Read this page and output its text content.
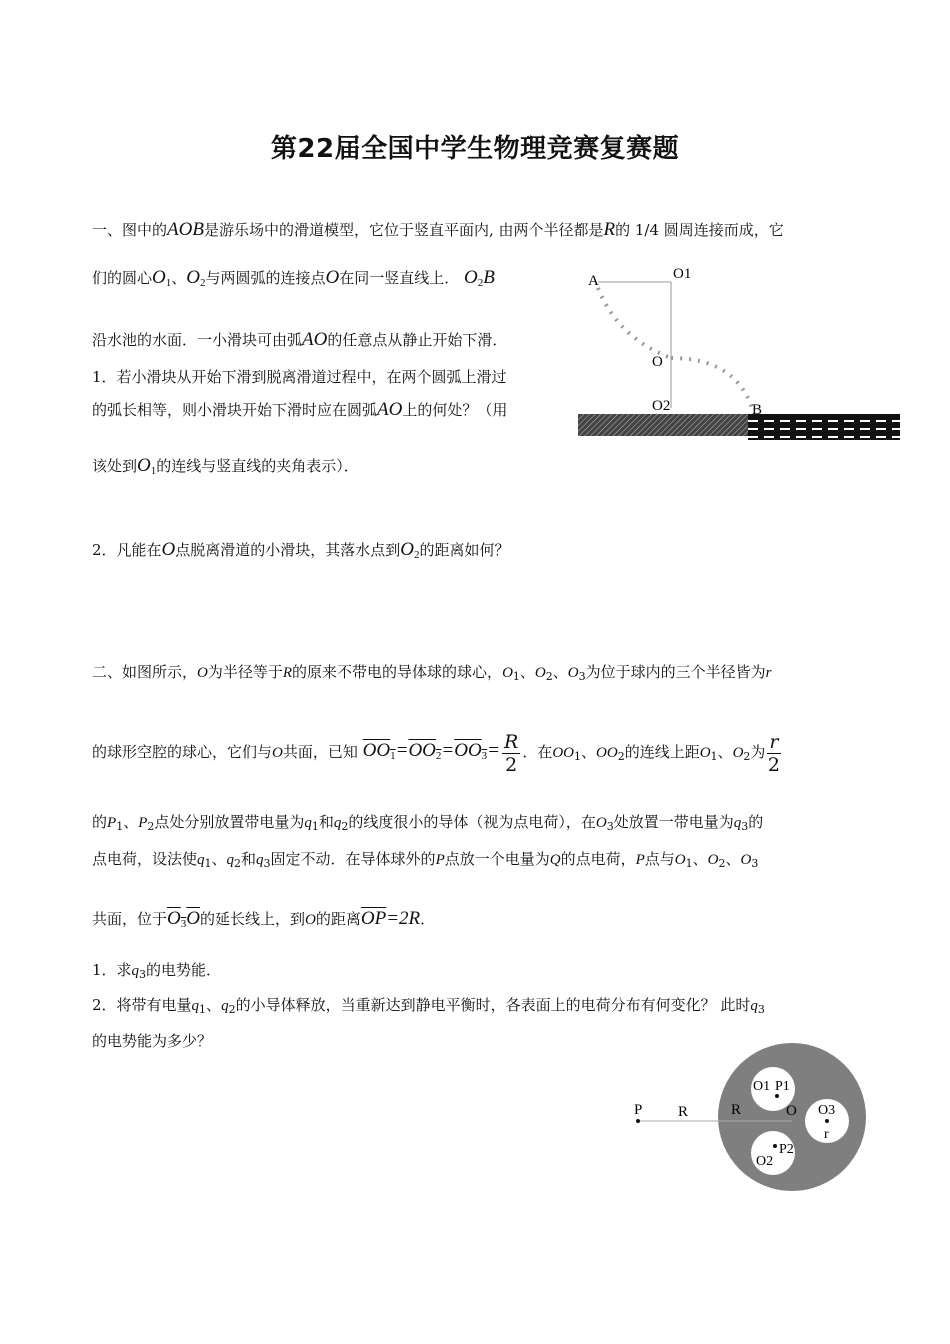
第22届全国中学生物理竞赛复赛题
一、图中的AOB是游乐场中的滑道模型，它位于竖直平面内, 由两个半径都是R的 1/4 圆周连接而成，它
们的圆心$O_1$、$O_2$与两圆弧的连接点O在同一竖直线上． $O_2B$
沿水池的水面．一小滑块可由弧AO的任意点从静止开始下滑．
1．若小滑块从开始下滑到脱离滑道过程中，在两个圆弧上滑过
的弧长相等，则小滑块开始下滑时应在圆弧AO上的何处？（用
该处到$O_1$的连线与竖直线的夹角表示）．
2．凡能在O点脱离滑道的小滑块，其落水点到$O_2$的距离如何？
A	O1
O
O2	B
二、如图所示，O为半径等于R的原来不带电的导体球的球心，$O_1$、$O_2$、$O_3$为位于球内的三个半径皆为r
的球形空腔的球心，它们与O共面，已知 $OO_1=OO_2=OO_3= \frac{R}{2}$ ．在$OO_1$、$OO_2$的连线上距$O_1$、$O_2$为 $\frac{r}{2}$
的$P_1$、$P_2$点处分别放置带电量为$q_1$和$q_2$的线度很小的导体（视为点电荷），在$O_3$处放置一带电量为$q_3$的
点电荷，设法使$q_1$、$q_2$和$q_3$固定不动．在导体球外的P点放一个电量为Q的点电荷，P点与$O_1$、$O_2$、$O_3$
共面，位于$O_3O$的延长线上，到O的距离$\overline{OP}=2R$．
1．求$q_3$的电势能．
2．将带有电量$q_1$、$q_2$的小导体释放，当重新达到静电平衡时，各表面上的电荷分布有何变化？ 此时$q_3$
的电势能为多少？
P R	R	O
O1 P1
O2
P2
O3
r
